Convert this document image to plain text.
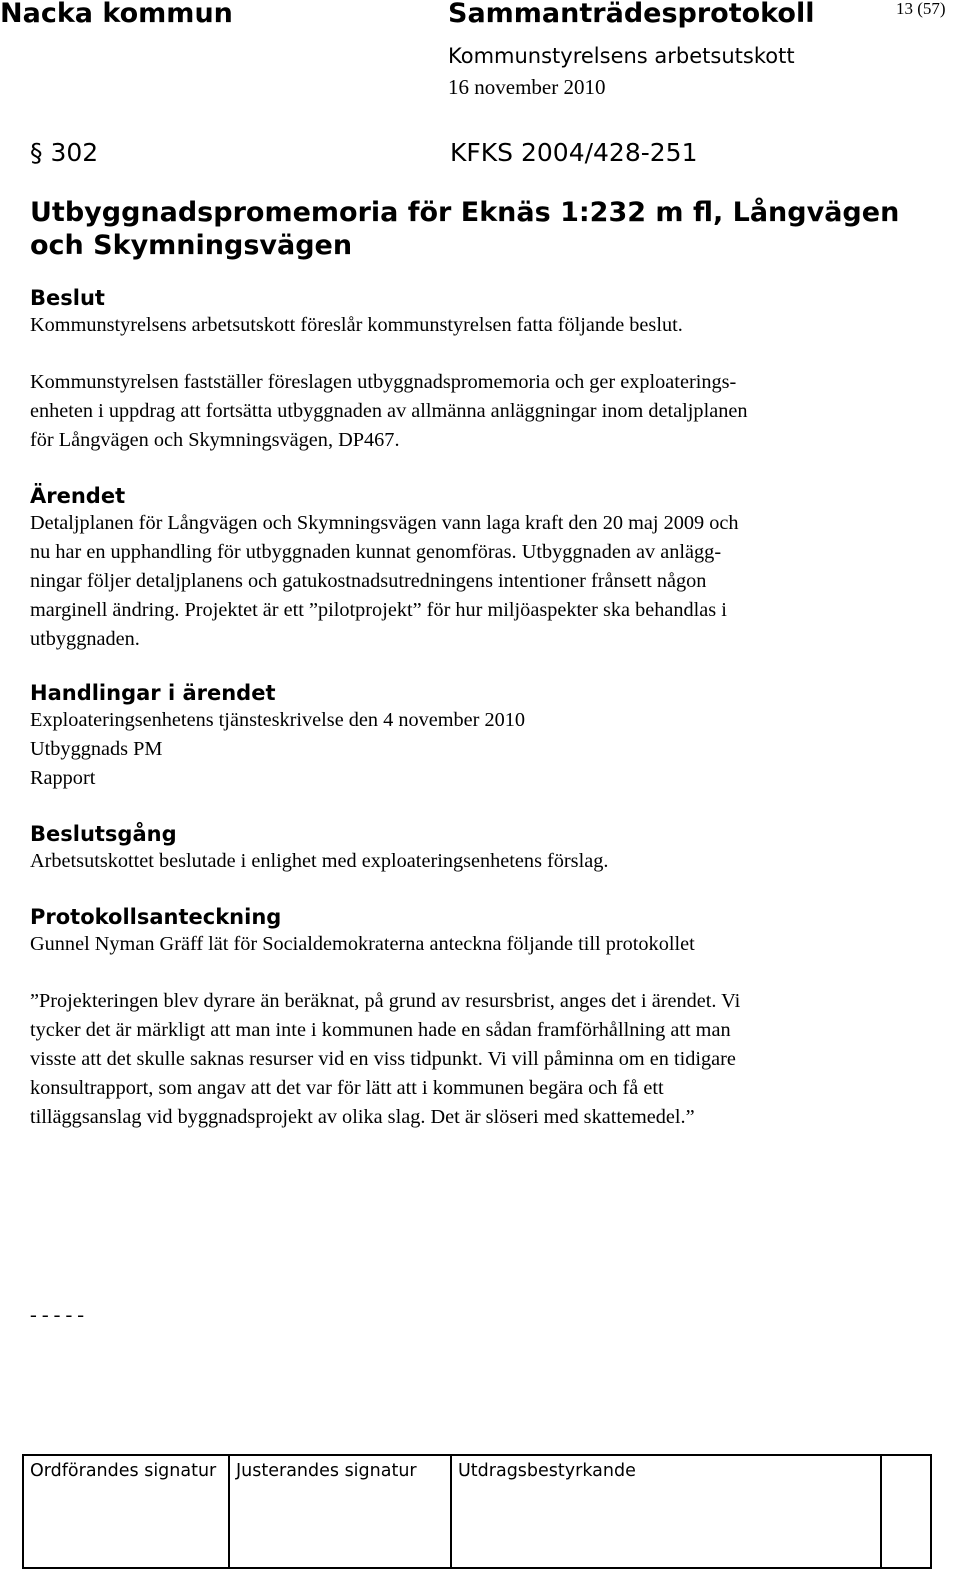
Nacka kommun	Sammanträdesprotokoll	13 (57)
Kommunstyrelsens arbetsutskott
16 november 2010
§ 302	KFKS 2004/428-251
Utbyggnadspromemoria för Eknäs 1:232 m fl, Långvägen och Skymningsvägen
Beslut
Kommunstyrelsens arbetsutskott föreslår kommunstyrelsen fatta följande beslut.
Kommunstyrelsen fastställer föreslagen utbyggnadspromemoria och ger exploaterings-
enheten i uppdrag att fortsätta utbyggnaden av allmänna anläggningar inom detaljplanen
för Långvägen och Skymningsvägen, DP467.
Ärendet
Detaljplanen för Långvägen och Skymningsvägen vann laga kraft den 20 maj 2009 och
nu har en upphandling för utbyggnaden kunnat genomföras. Utbyggnaden av anlägg-
ningar följer detaljplanens och gatukostnadsutredningens intentioner frånsett någon
marginell ändring. Projektet är ett ”pilotprojekt” för hur miljöaspekter ska behandlas i
utbyggnaden.
Handlingar i ärendet
Exploateringsenhetens tjänsteskrivelse den 4 november 2010
Utbyggnads PM
Rapport
Beslutsgång
Arbetsutskottet beslutade i enlighet med exploateringsenhetens förslag.
Protokollsanteckning
Gunnel Nyman Gräff lät för Socialdemokraterna anteckna följande till protokollet
”Projekteringen blev dyrare än beräknat, på grund av resursbrist, anges det i ärendet. Vi
tycker det är märkligt att man inte i kommunen hade en sådan framförhållning att man
visste att det skulle saknas resurser vid en viss tidpunkt. Vi vill påminna om en tidigare
konsultrapport, som angav att det var för lätt att i kommunen begära och få ett
tilläggsanslag vid byggnadsprojekt av olika slag. Det är slöseri med skattemedel.”
- - - - -
Ordförandes signatur	Justerandes signatur	Utdragsbestyrkande
